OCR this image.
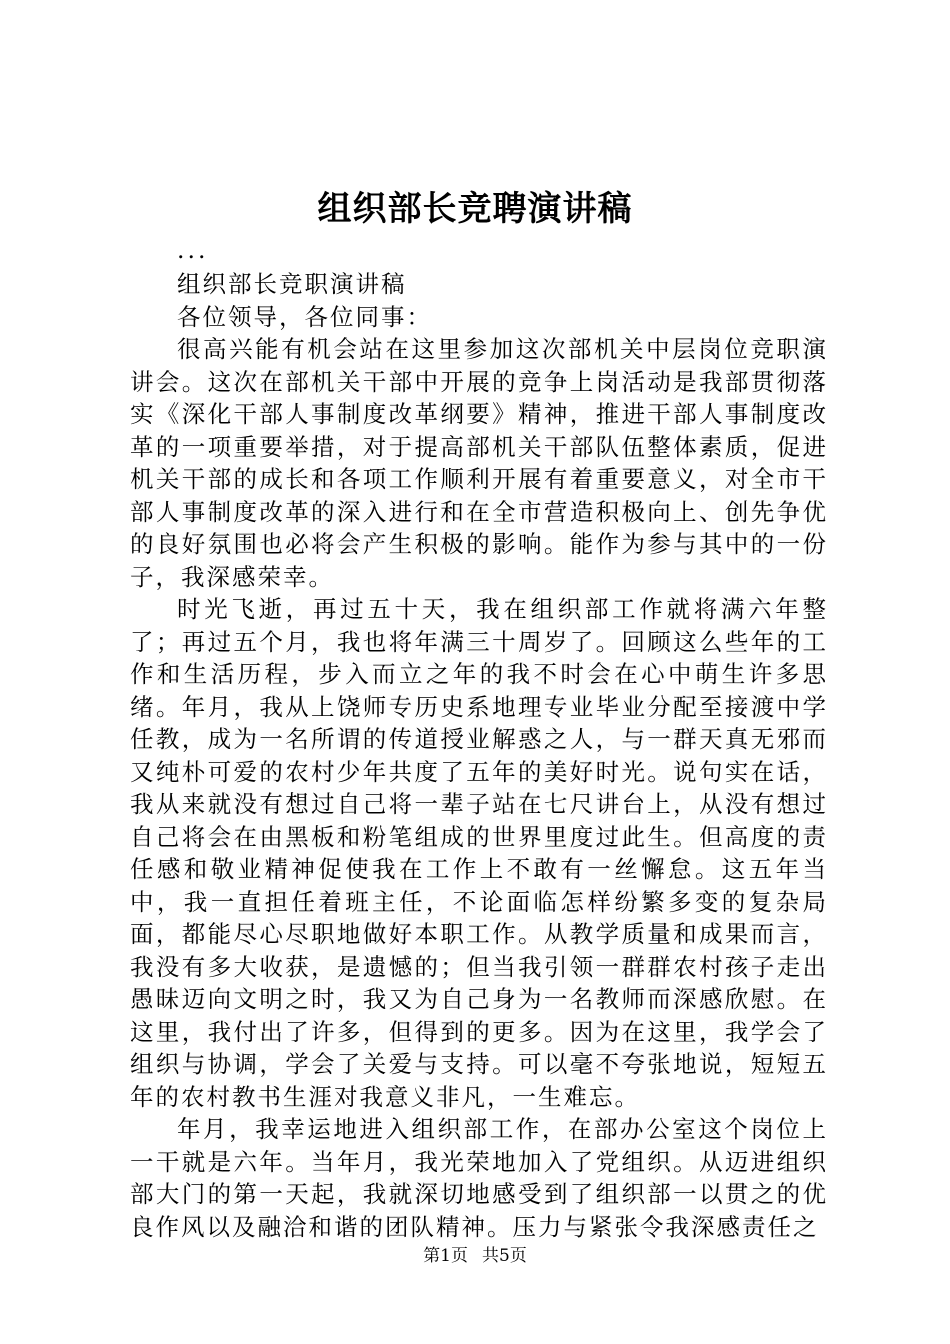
组织部长竞聘演讲稿

...

组织部长竞职演讲稿

各位领导，各位同事：

很高兴能有机会站在这里参加这次部机关中层岗位竞职演讲会。这次在部机关干部中开展的竞争上岗活动是我部贯彻落实《深化干部人事制度改革纲要》精神，推进干部人事制度改革的一项重要举措，对于提高部机关干部队伍整体素质，促进机关干部的成长和各项工作顺利开展有着重要意义，对全市干部人事制度改革的深入进行和在全市营造积极向上、创先争优的良好氛围也必将会产生积极的影响。能作为参与其中的一份子，我深感荣幸。

时光飞逝，再过五十天，我在组织部工作就将满六年整了；再过五个月，我也将年满三十周岁了。回顾这么些年的工作和生活历程，步入而立之年的我不时会在心中萌生许多思绪。年月，我从上饶师专历史系地理专业毕业分配至接渡中学任教，成为一名所谓的传道授业解惑之人，与一群天真无邪而又纯朴可爱的农村少年共度了五年的美好时光。说句实在话，我从来就没有想过自己将一辈子站在七尺讲台上，从没有想过自己将会在由黑板和粉笔组成的世界里度过此生。但高度的责任感和敬业精神促使我在工作上不敢有一丝懈怠。这五年当中，我一直担任着班主任，不论面临怎样纷繁多变的复杂局面，都能尽心尽职地做好本职工作。从教学质量和成果而言，我没有多大收获，是遗憾的；但当我引领一群群农村孩子走出愚昧迈向文明之时，我又为自己身为一名教师而深感欣慰。在这里，我付出了许多，但得到的更多。因为在这里，我学会了组织与协调，学会了关爱与支持。可以毫不夸张地说，短短五年的农村教书生涯对我意义非凡，一生难忘。

年月，我幸运地进入组织部工作，在部办公室这个岗位上一干就是六年。当年月，我光荣地加入了党组织。从迈进组织部大门的第一天起，我就深切地感受到了组织部一以贯之的优良作风以及融洽和谐的团队精神。压力与紧张令我深感责任之

第1页 共5页
